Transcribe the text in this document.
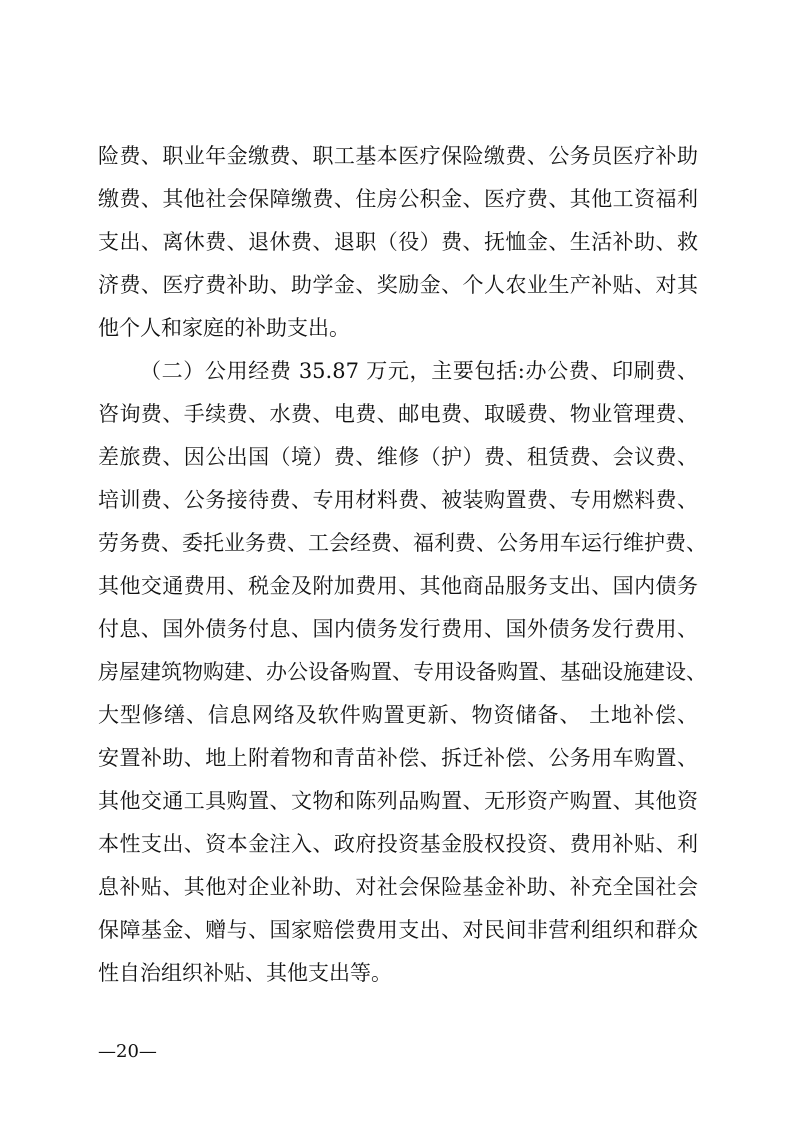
险费、职业年金缴费、职工基本医疗保险缴费、公务员医疗补助
缴费、其他社会保障缴费、住房公积金、医疗费、其他工资福利
支出、离休费、退休费、退职（役）费、抚恤金、生活补助、救
济费、医疗费补助、助学金、奖励金、个人农业生产补贴、对其
他个人和家庭的补助支出。
（二）公用经费 35.87 万元，主要包括:办公费、印刷费、
咨询费、手续费、水费、电费、邮电费、取暖费、物业管理费、
差旅费、因公出国（境）费、维修（护）费、租赁费、会议费、
培训费、公务接待费、专用材料费、被装购置费、专用燃料费、
劳务费、委托业务费、工会经费、福利费、公务用车运行维护费、
其他交通费用、税金及附加费用、其他商品服务支出、国内债务
付息、国外债务付息、国内债务发行费用、国外债务发行费用、
房屋建筑物购建、办公设备购置、专用设备购置、基础设施建设、
大型修缮、信息网络及软件购置更新、物资储备、 土地补偿、
安置补助、地上附着物和青苗补偿、拆迁补偿、公务用车购置、
其他交通工具购置、文物和陈列品购置、无形资产购置、其他资
本性支出、资本金注入、政府投资基金股权投资、费用补贴、利
息补贴、其他对企业补助、对社会保险基金补助、补充全国社会
保障基金、赠与、国家赔偿费用支出、对民间非营利组织和群众
性自治组织补贴、其他支出等。
—20—
